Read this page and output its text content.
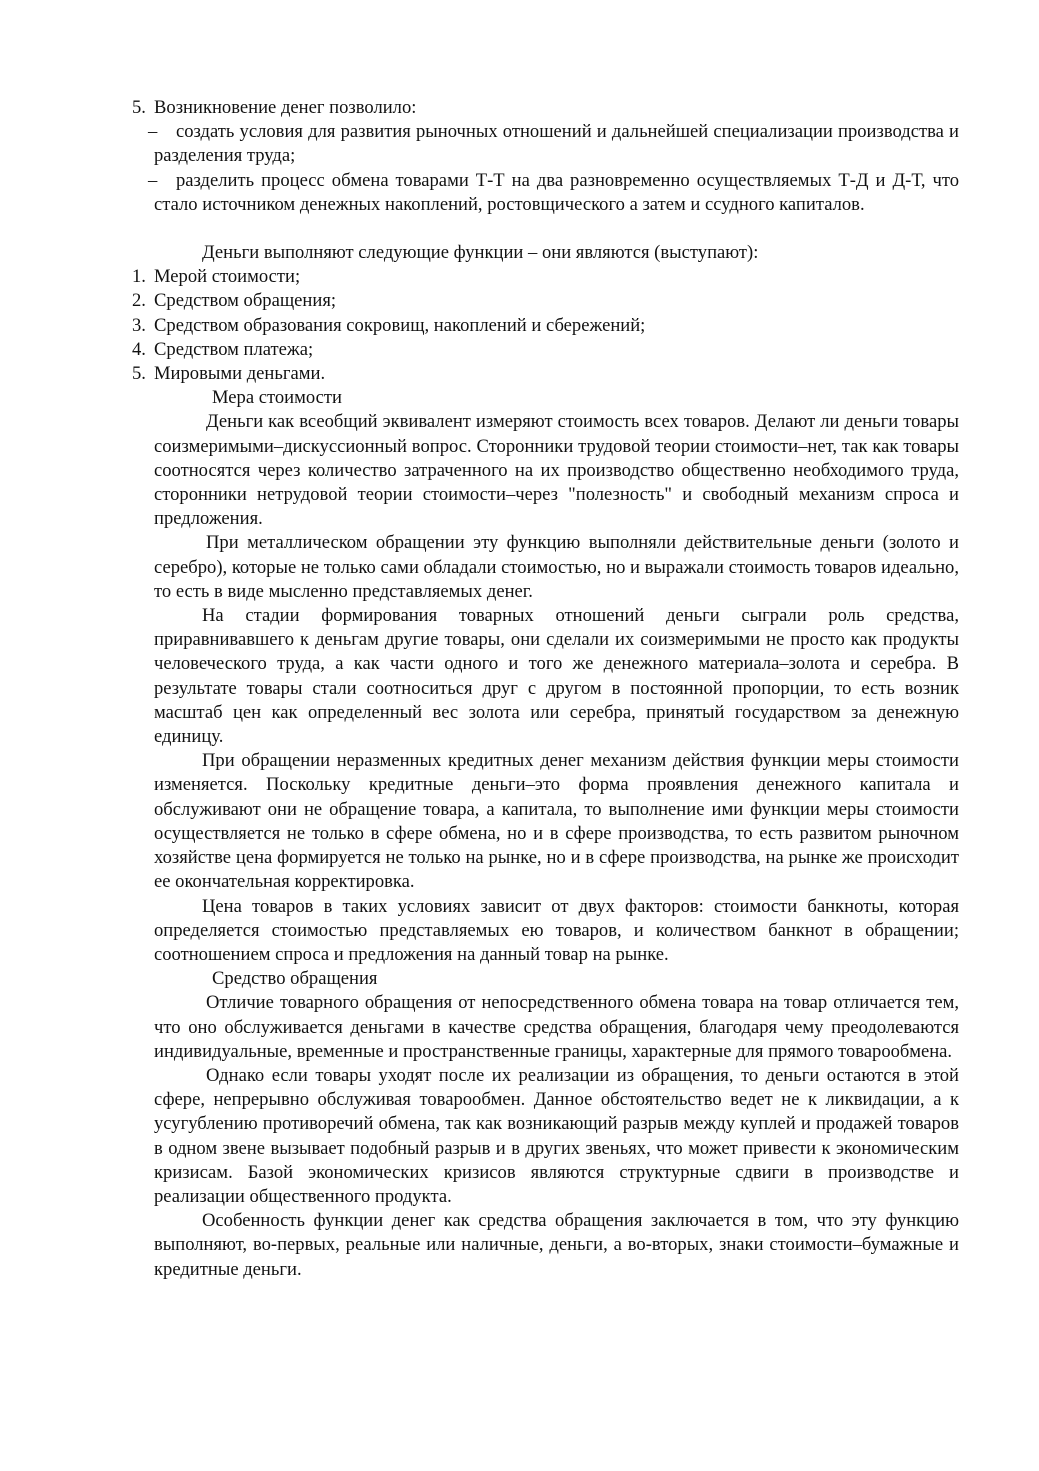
5. Возникновение денег позволило:

– создать условия для развития рыночных отношений и дальнейшей специализации производства и разделения труда;

– разделить процесс обмена товарами Т-Т на два разновременно осуществляемых Т-Д и Д-Т, что стало источником денежных накоплений, ростовщического а затем и ссудного капиталов.

Деньги выполняют следующие функции – они являются (выступают):

1. Мерой стоимости;

2. Средством обращения;

3. Средством образования сокровищ, накоплений и сбережений;

4. Средством платежа;

5. Мировыми деньгами.

Мера стоимости

Деньги как всеобщий эквивалент измеряют стоимость всех товаров. Делают ли деньги товары соизмеримыми–дискуссионный вопрос. Сторонники трудовой теории стоимости–нет, так как товары соотносятся через количество затраченного на их производство общественно необходимого труда, сторонники нетрудовой теории стоимости–через "полезность" и свободный механизм спроса и предложения.

При металлическом обращении эту функцию выполняли действительные деньги (золото и серебро), которые не только сами обладали стоимостью, но и выражали стоимость товаров идеально, то есть в виде мысленно представляемых денег.

На стадии формирования товарных отношений деньги сыграли роль средства, приравнивавшего к деньгам другие товары, они сделали их соизмеримыми не просто как продукты человеческого труда, а как части одного и того же денежного материала–золота и серебра. В результате товары стали соотноситься друг с другом в постоянной пропорции, то есть возник масштаб цен как определенный вес золота или серебра, принятый государством за денежную единицу.

При обращении неразменных кредитных денег механизм действия функции меры стоимости изменяется. Поскольку кредитные деньги–это форма проявления денежного капитала и обслуживают они не обращение товара, а капитала, то выполнение ими функции меры стоимости осуществляется не только в сфере обмена, но и в сфере производства, то есть развитом рыночном хозяйстве цена формируется не только на рынке, но и в сфере производства, на рынке же происходит ее окончательная корректировка.

Цена товаров в таких условиях зависит от двух факторов: стоимости банкноты, которая определяется стоимостью представляемых ею товаров, и количеством банкнот в обращении; соотношением спроса и предложения на данный товар на рынке.

Средство обращения

Отличие товарного обращения от непосредственного обмена товара на товар отличается тем, что оно обслуживается деньгами в качестве средства обращения, благодаря чему преодолеваются индивидуальные, временные и пространственные границы, характерные для прямого товарообмена.

Однако если товары уходят после их реализации из обращения, то деньги остаются в этой сфере, непрерывно обслуживая товарообмен. Данное обстоятельство ведет не к ликвидации, а к усугублению противоречий обмена, так как возникающий разрыв между куплей и продажей товаров в одном звене вызывает подобный разрыв и в других звеньях, что может привести к экономическим кризисам. Базой экономических кризисов являются структурные сдвиги в производстве и реализации общественного продукта.

Особенность функции денег как средства обращения заключается в том, что эту функцию выполняют, во-первых, реальные или наличные, деньги, а во-вторых, знаки стоимости–бумажные и кредитные деньги.
